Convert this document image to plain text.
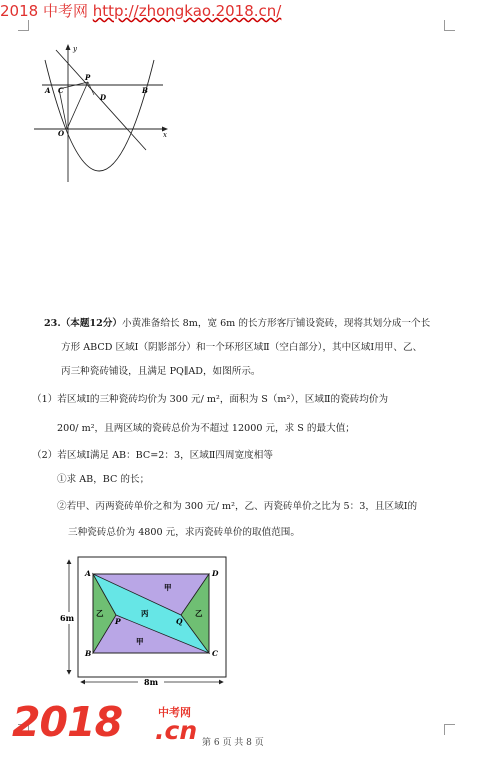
2018 中考网 http://zhongkao.2018.cn/
y
x
A C
P
D
B
O
23.（本题12分）小黄准备给长 8m，宽 6m 的长方形客厅铺设瓷砖，现将其划分成一个长
方形 ABCD 区域Ⅰ（阴影部分）和一个环形区域Ⅱ（空白部分），其中区域Ⅰ用甲、乙、
丙三种瓷砖铺设，且满足 PQ∥AD，如图所示。
（1）若区域Ⅰ的三种瓷砖均价为 300 元/ m²，面积为 S（m²），区域Ⅱ的瓷砖均价为
200/ m²，且两区域的瓷砖总价为不超过 12000 元，求 S 的最大值；
（2）若区域Ⅰ满足 AB：BC=2：3，区域Ⅱ四周宽度相等
①求 AB，BC 的长；
②若甲、丙两瓷砖单价之和为 300 元/ m²，乙、丙瓷砖单价之比为 5：3，且区域Ⅰ的
三种瓷砖总价为 4800 元，求丙瓷砖单价的取值范围。
A	D
B	C
P	Q
甲
甲
乙	乙
丙
6m
8m
2018	中考网
.cn 第 6 页 共 8 页
